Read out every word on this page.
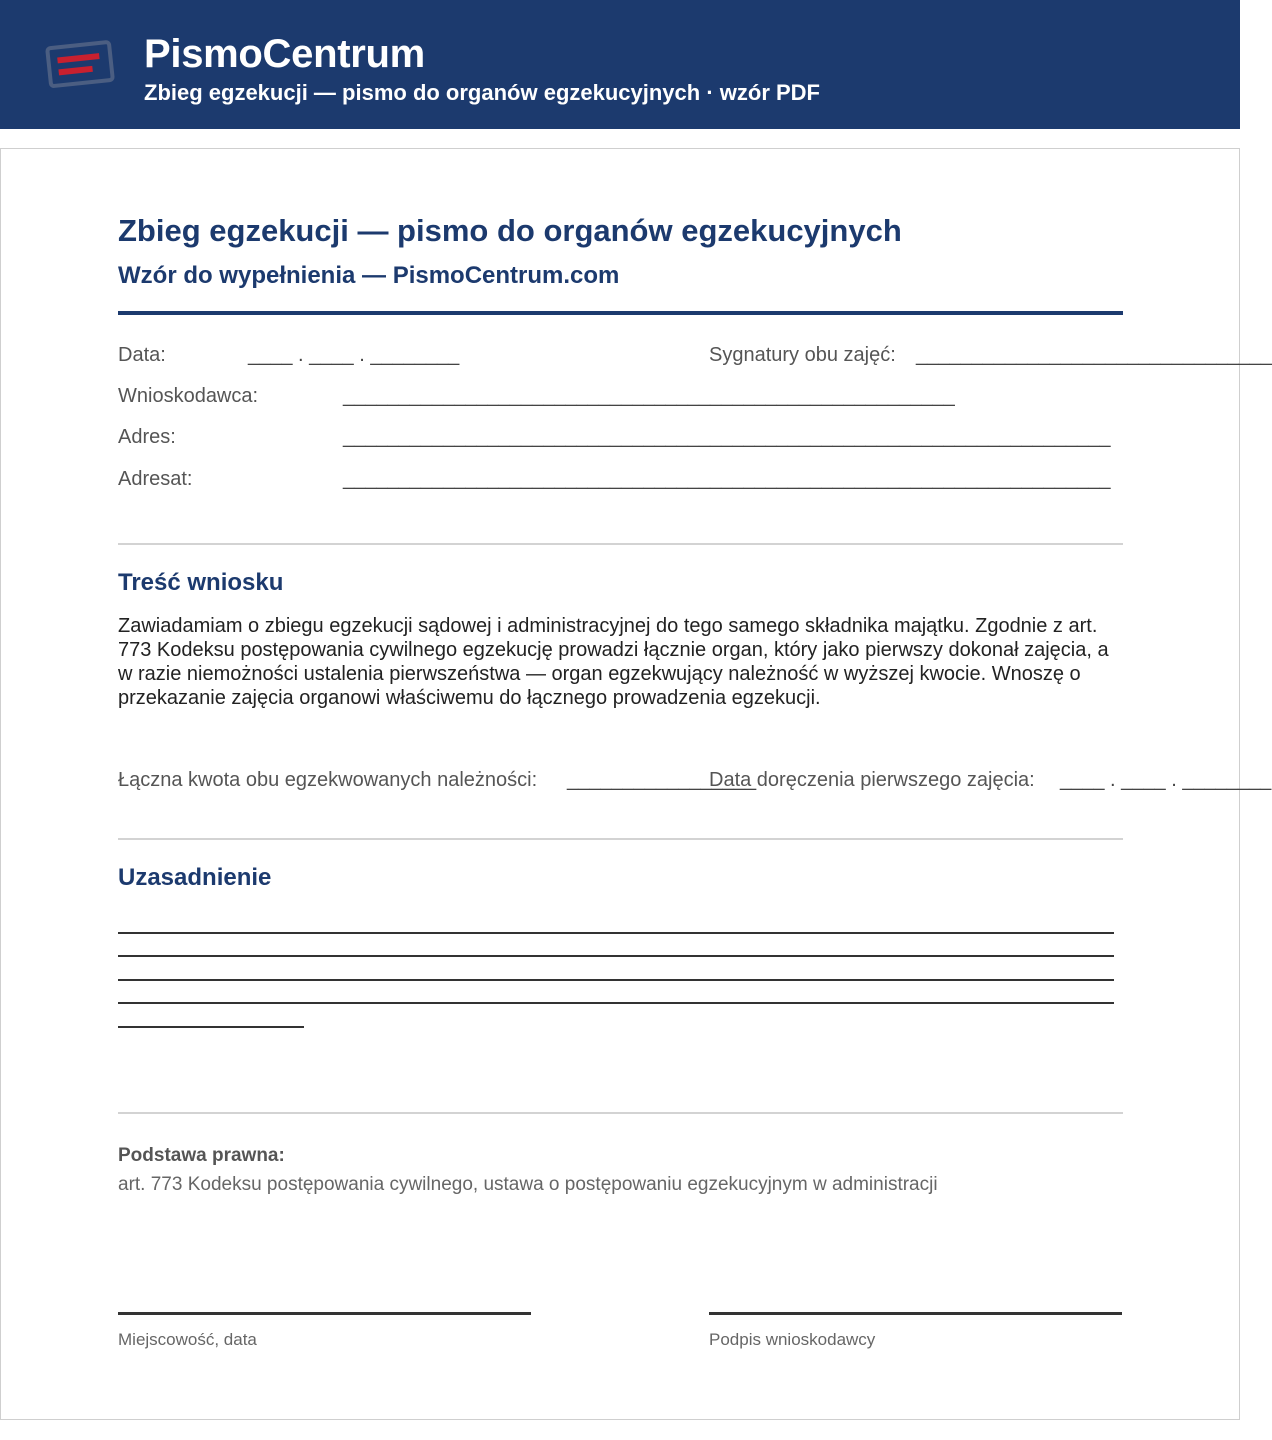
PismoCentrum
Zbieg egzekucji — pismo do organów egzekucyjnych · wzór PDF
Zbieg egzekucji — pismo do organów egzekucyjnych
Wzór do wypełnienia — PismoCentrum.com
Data:	____ . ____ . ________	Sygnatury obu zajęć: ________________________________
Wnioskodawca:	_______________________________________________________
Adres:	_____________________________________________________________________
Adresat:	_____________________________________________________________________
Treść wniosku
Zawiadamiam o zbiegu egzekucji sądowej i administracyjnej do tego samego składnika majątku. Zgodnie z art. 773 Kodeksu postępowania cywilnego egzekucję prowadzi łącznie organ, który jako pierwszy dokonał zajęcia, a w razie niemożności ustalenia pierwszeństwa — organ egzekwujący należność w wyższej kwocie. Wnoszę o przekazanie zajęcia organowi właściwemu do łącznego prowadzenia egzekucji.
Łączna kwota obu egzekwowanych należności: _________________
Data doręczenia pierwszego zajęcia: ____ . ____ . ________
Uzasadnienie
Podstawa prawna:
art. 773 Kodeksu postępowania cywilnego, ustawa o postępowaniu egzekucyjnym w administracji
Miejscowość, data	Podpis wnioskodawcy
